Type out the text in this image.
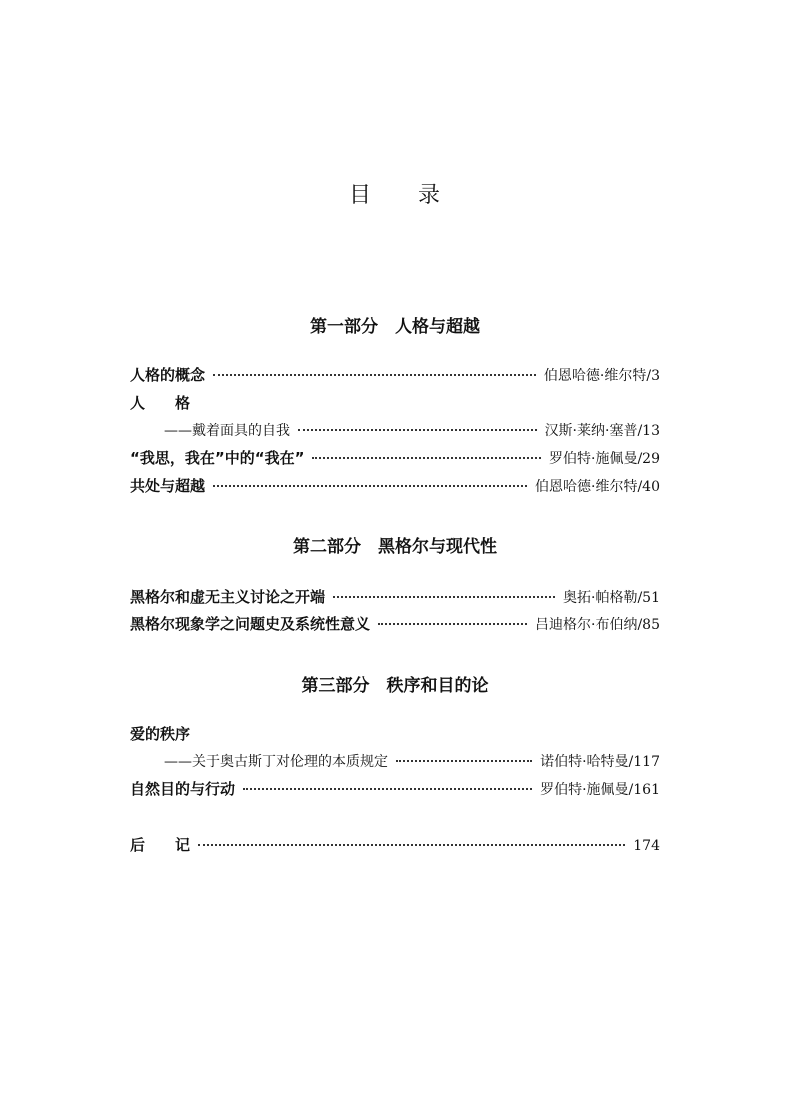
目　　录
第一部分　人格与超越
人格的概念	伯恩哈德·维尔特/3
人　　格
——戴着面具的自我	汉斯·莱纳·塞普/13
“我思，我在”中的“我在”	罗伯特·施佩曼/29
共处与超越	伯恩哈德·维尔特/40
第二部分　黑格尔与现代性
黑格尔和虚无主义讨论之开端	奥拓·帕格勒/51
黑格尔现象学之问题史及系统性意义	吕迪格尔·布伯纳/85
第三部分　秩序和目的论
爱的秩序
——关于奥古斯丁对伦理的本质规定	诺伯特·哈特曼/117
自然目的与行动	罗伯特·施佩曼/161
后　　记	174
